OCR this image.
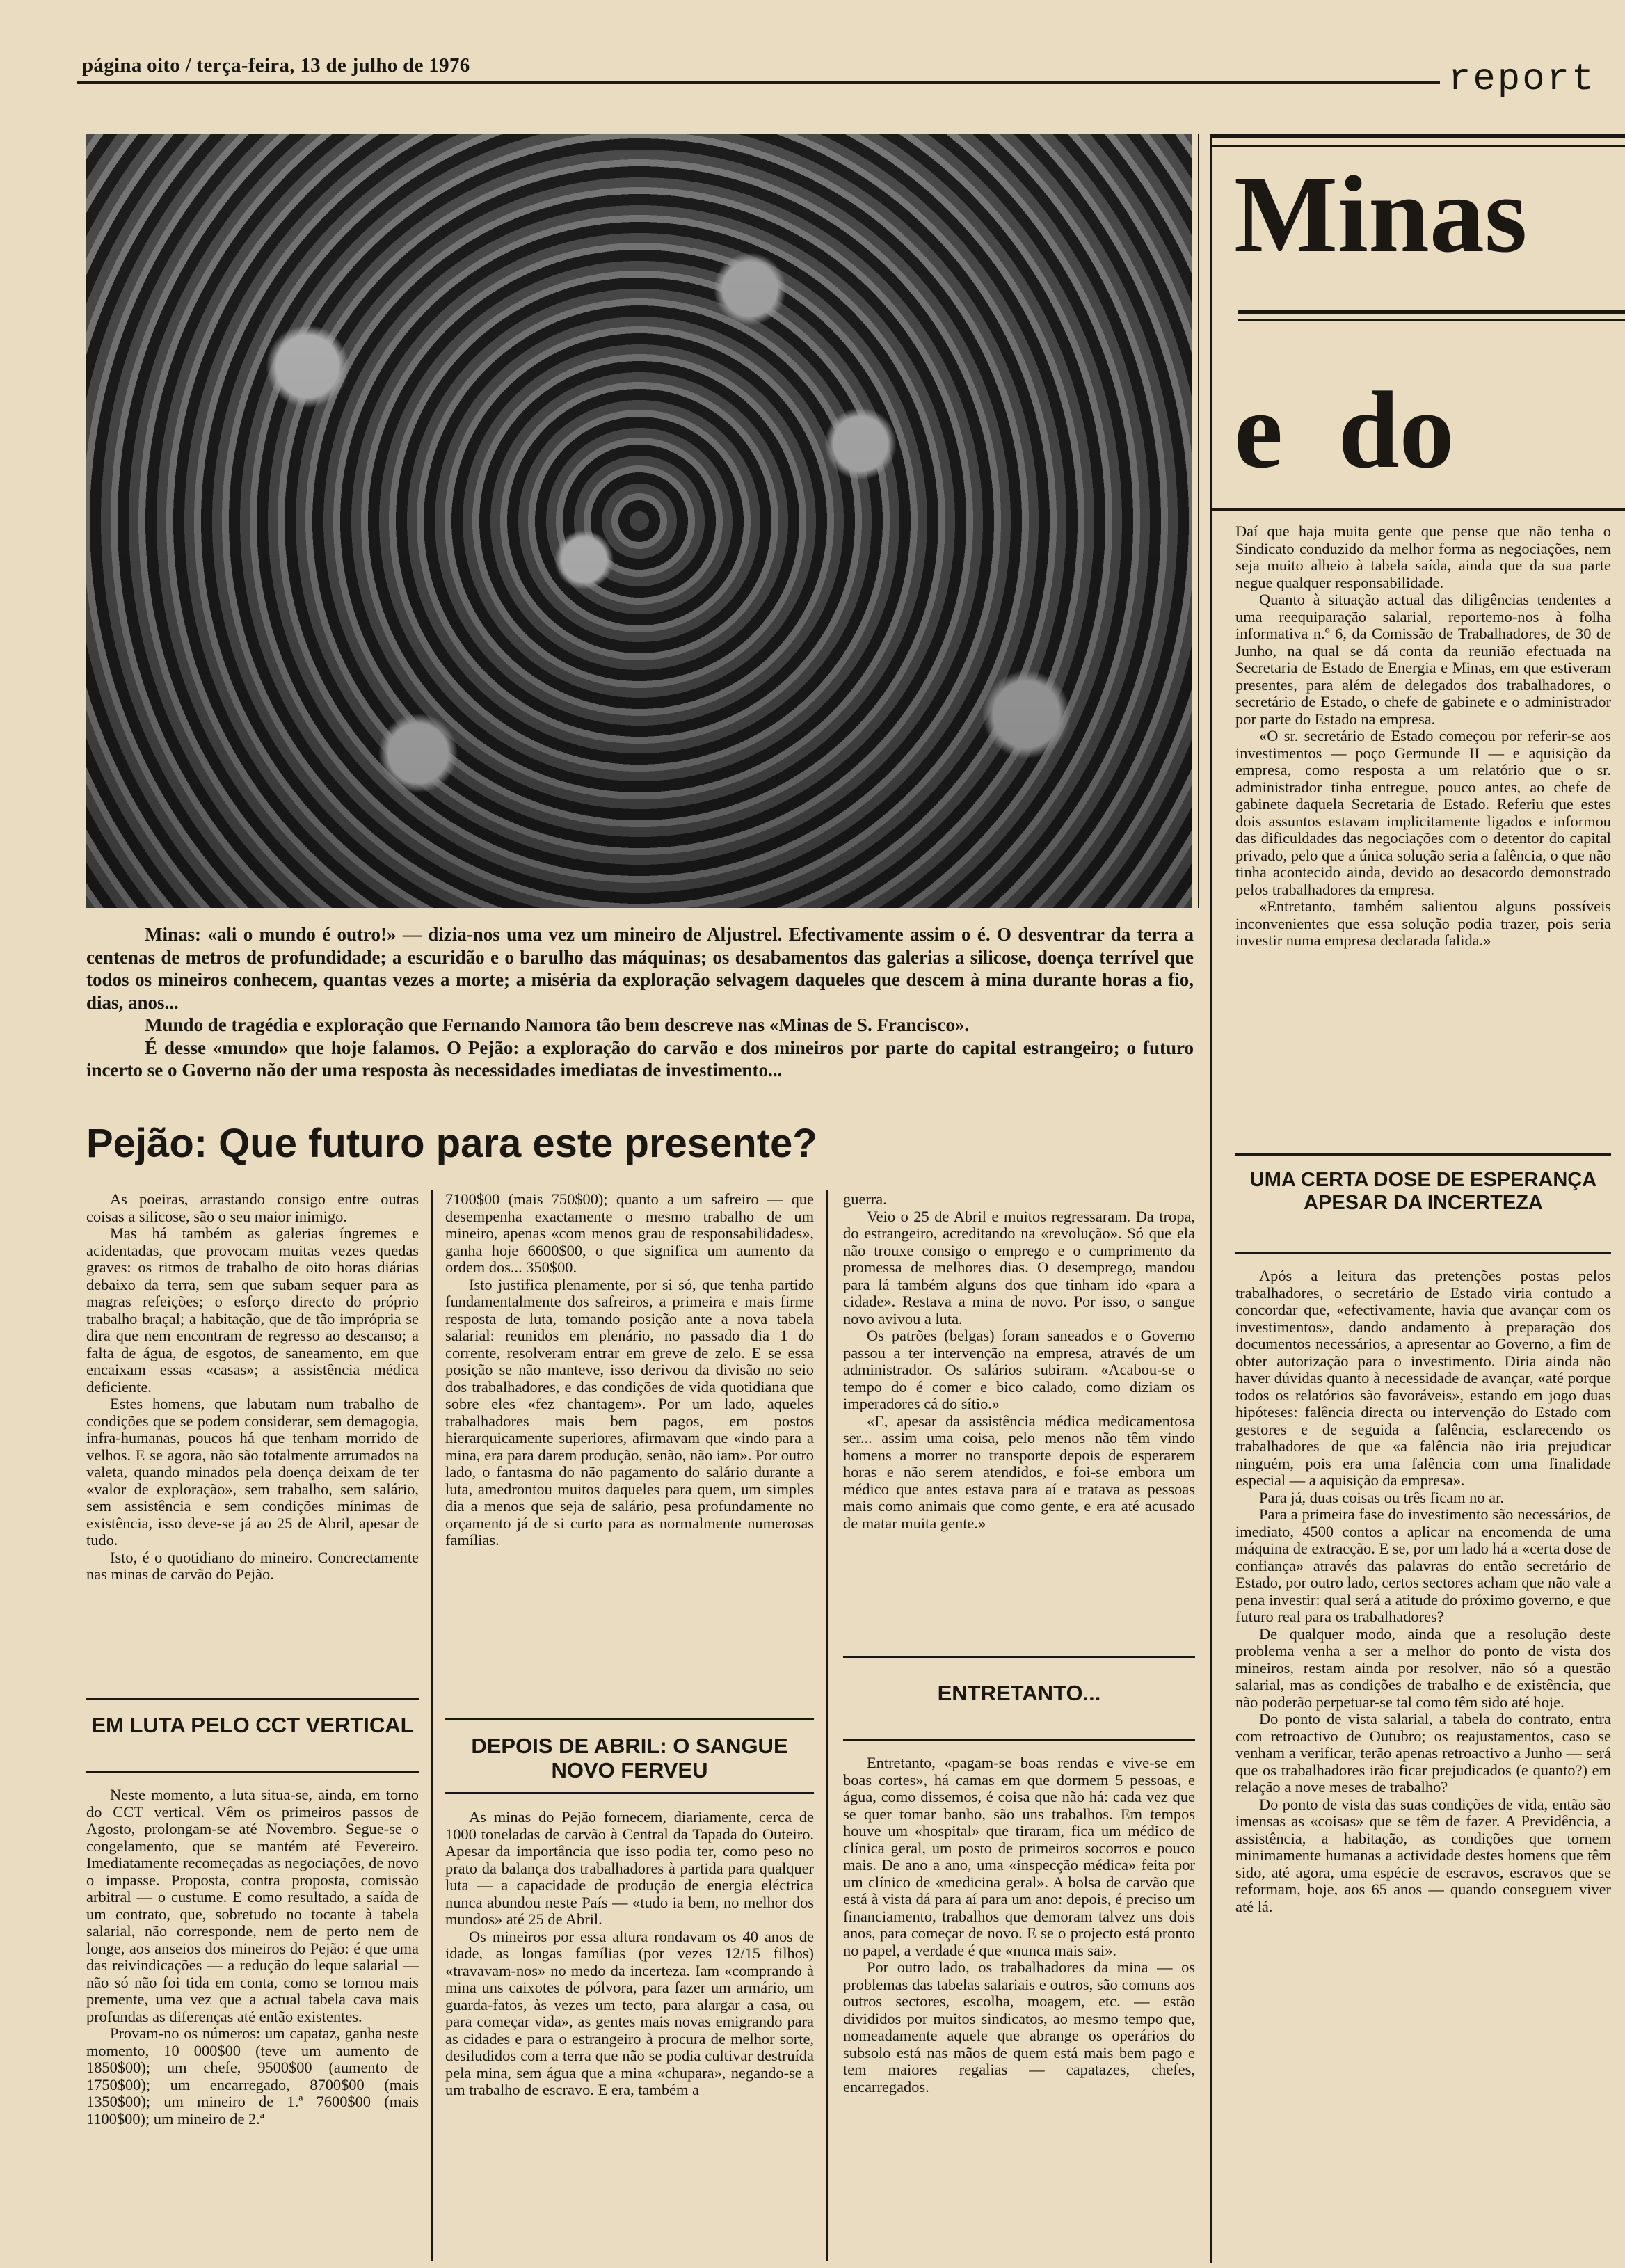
página oito / terça-feira, 13 de julho de 1976	report

Minas: «ali o mundo é outro!» — dizia-nos uma vez um mineiro de Aljustrel. Efectivamente assim o é. O desventrar da terra a centenas de metros de profundidade; a escuridão e o barulho das máquinas; os desabamentos das galerias a silicose, doença terrível que todos os mineiros conhecem, quantas vezes a morte; a miséria da exploração selvagem daqueles que descem à mina durante horas a fio, dias, anos...

Mundo de tragédia e exploração que Fernando Namora tão bem descreve nas «Minas de S. Francisco».

É desse «mundo» que hoje falamos. O Pejão: a exploração do carvão e dos mineiros por parte do capital estrangeiro; o futuro incerto se o Governo não der uma resposta às necessidades imediatas de investimento...

Pejão: Que futuro para este presente?
Minas
e do

As poeiras, arrastando consigo entre outras coisas a silicose, são o seu maior inimigo.

Mas há também as galerias íngremes e acidentadas, que provocam muitas vezes quedas graves: os ritmos de trabalho de oito horas diárias debaixo da terra, sem que subam sequer para as magras refeições; o esforço directo do próprio trabalho braçal; a habitação, que de tão imprópria se dira que nem encontram de regresso ao descanso; a falta de água, de esgotos, de saneamento, em que encaixam essas «casas»; a assistência médica deficiente.

Estes homens, que labutam num trabalho de condições que se podem considerar, sem demagogia, infra-humanas, poucos há que tenham morrido de velhos. E se agora, não são totalmente arrumados na valeta, quando minados pela doença deixam de ter «valor de exploração», sem trabalho, sem salário, sem assistência e sem condições mínimas de existência, isso deve-se já ao 25 de Abril, apesar de tudo.

Isto, é o quotidiano do mineiro. Concrectamente nas minas de carvão do Pejão.

EM LUTA PELO CCT VERTICAL

Neste momento, a luta situa-se, ainda, em torno do CCT vertical. Vêm os primeiros passos de Agosto, prolongam-se até Novembro. Segue-se o congelamento, que se mantém até Fevereiro. Imediatamente recomeçadas as negociações, de novo o impasse. Proposta, contra proposta, comissão arbitral — o custume. E como resultado, a saída de um contrato, que, sobretudo no tocante à tabela salarial, não corresponde, nem de perto nem de longe, aos anseios dos mineiros do Pejão: é que uma das reivindicações — a redução do leque salarial — não só não foi tida em conta, como se tornou mais premente, uma vez que a actual tabela cava mais profundas as diferenças até então existentes.

Provam-no os números: um capataz, ganha neste momento, 10 000$00 (teve um aumento de 1850$00); um chefe, 9500$00 (aumento de 1750$00); um encarregado, 8700$00 (mais 1350$00); um mineiro de 1.ª 7600$00 (mais 1100$00); um mineiro de 2.ª

7100$00 (mais 750$00); quanto a um safreiro — que desempenha exactamente o mesmo trabalho de um mineiro, apenas «com menos grau de responsabilidades», ganha hoje 6600$00, o que significa um aumento da ordem dos... 350$00.

Isto justifica plenamente, por si só, que tenha partido fundamentalmente dos safreiros, a primeira e mais firme resposta de luta, tomando posição ante a nova tabela salarial: reunidos em plenário, no passado dia 1 do corrente, resolveram entrar em greve de zelo. E se essa posição se não manteve, isso derivou da divisão no seio dos trabalhadores, e das condições de vida quotidiana que sobre eles «fez chantagem». Por um lado, aqueles trabalhadores mais bem pagos, em postos hierarquicamente superiores, afirmavam que «indo para a mina, era para darem produção, senão, não iam». Por outro lado, o fantasma do não pagamento do salário durante a luta, amedrontou muitos daqueles para quem, um simples dia a menos que seja de salário, pesa profundamente no orçamento já de si curto para as normalmente numerosas famílias.

DEPOIS DE ABRIL: O SANGUE NOVO FERVEU

As minas do Pejão fornecem, diariamente, cerca de 1000 toneladas de carvão à Central da Tapada do Outeiro. Apesar da importância que isso podia ter, como peso no prato da balança dos trabalhadores à partida para qualquer luta — a capacidade de produção de energia eléctrica nunca abundou neste País — «tudo ia bem, no melhor dos mundos» até 25 de Abril.

Os mineiros por essa altura rondavam os 40 anos de idade, as longas famílias (por vezes 12/15 filhos) «travavam-nos» no medo da incerteza. Iam «comprando à mina uns caixotes de pólvora, para fazer um armário, um guarda-fatos, às vezes um tecto, para alargar a casa, ou para começar vida», as gentes mais novas emigrando para as cidades e para o estrangeiro à procura de melhor sorte, desiludidos com a terra que não se podia cultivar destruída pela mina, sem água que a mina «chupara», negando-se a um trabalho de escravo. E era, também a

guerra.

Veio o 25 de Abril e muitos regressaram. Da tropa, do estrangeiro, acreditando na «revolução». Só que ela não trouxe consigo o emprego e o cumprimento da promessa de melhores dias. O desemprego, mandou para lá também alguns dos que tinham ido «para a cidade». Restava a mina de novo. Por isso, o sangue novo avivou a luta.

Os patrões (belgas) foram saneados e o Governo passou a ter intervenção na empresa, através de um administrador. Os salários subiram. «Acabou-se o tempo do é comer e bico calado, como diziam os imperadores cá do sítio.»

«E, apesar da assistência médica medicamentosa ser... assim uma coisa, pelo menos não têm vindo homens a morrer no transporte depois de esperarem horas e não serem atendidos, e foi-se embora um médico que antes estava para aí e tratava as pessoas mais como animais que como gente, e era até acusado de matar muita gente.»

ENTRETANTO...

Entretanto, «pagam-se boas rendas e vive-se em boas cortes», há camas em que dormem 5 pessoas, e água, como dissemos, é coisa que não há: cada vez que se quer tomar banho, são uns trabalhos. Em tempos houve um «hospital» que tiraram, fica um médico de clínica geral, um posto de primeiros socorros e pouco mais. De ano a ano, uma «inspecção médica» feita por um clínico de «medicina geral». A bolsa de carvão que está à vista dá para aí para um ano: depois, é preciso um financiamento, trabalhos que demoram talvez uns dois anos, para começar de novo. E se o projecto está pronto no papel, a verdade é que «nunca mais sai».

Por outro lado, os trabalhadores da mina — os problemas das tabelas salariais e outros, são comuns aos outros sectores, escolha, moagem, etc. — estão divididos por muitos sindicatos, ao mesmo tempo que, nomeadamente aquele que abrange os operários do subsolo está nas mãos de quem está mais bem pago e tem maiores regalias — capatazes, chefes, encarregados.

Daí que haja muita gente que pense que não tenha o Sindicato conduzido da melhor forma as negociações, nem seja muito alheio à tabela saída, ainda que da sua parte negue qualquer responsabilidade.

Quanto à situação actual das diligências tendentes a uma reequiparação salarial, reportemo-nos à folha informativa n.º 6, da Comissão de Trabalhadores, de 30 de Junho, na qual se dá conta da reunião efectuada na Secretaria de Estado de Energia e Minas, em que estiveram presentes, para além de delegados dos trabalhadores, o secretário de Estado, o chefe de gabinete e o administrador por parte do Estado na empresa.

«O sr. secretário de Estado começou por referir-se aos investimentos — poço Germunde II — e aquisição da empresa, como resposta a um relatório que o sr. administrador tinha entregue, pouco antes, ao chefe de gabinete daquela Secretaria de Estado. Referiu que estes dois assuntos estavam implicitamente ligados e informou das dificuldades das negociações com o detentor do capital privado, pelo que a única solução seria a falência, o que não tinha acontecido ainda, devido ao desacordo demonstrado pelos trabalhadores da empresa.

«Entretanto, também salientou alguns possíveis inconvenientes que essa solução podia trazer, pois seria investir numa empresa declarada falida.»

UMA CERTA DOSE DE ESPERANÇA APESAR DA INCERTEZA

Após a leitura das pretenções postas pelos trabalhadores, o secretário de Estado viria contudo a concordar que, «efectivamente, havia que avançar com os investimentos», dando andamento à preparação dos documentos necessários, a apresentar ao Governo, a fim de obter autorização para o investimento. Diria ainda não haver dúvidas quanto à necessidade de avançar, «até porque todos os relatórios são favoráveis», estando em jogo duas hipóteses: falência directa ou intervenção do Estado com gestores e de seguida a falência, esclarecendo os trabalhadores de que «a falência não iria prejudicar ninguém, pois era uma falência com uma finalidade especial — a aquisição da empresa».

Para já, duas coisas ou três ficam no ar.

Para a primeira fase do investimento são necessários, de imediato, 4500 contos a aplicar na encomenda de uma máquina de extracção. E se, por um lado há a «certa dose de confiança» através das palavras do então secretário de Estado, por outro lado, certos sectores acham que não vale a pena investir: qual será a atitude do próximo governo, e que futuro real para os trabalhadores?

De qualquer modo, ainda que a resolução deste problema venha a ser a melhor do ponto de vista dos mineiros, restam ainda por resolver, não só a questão salarial, mas as condições de trabalho e de existência, que não poderão perpetuar-se tal como têm sido até hoje.

Do ponto de vista salarial, a tabela do contrato, entra com retroactivo de Outubro; os reajustamentos, caso se venham a verificar, terão apenas retroactivo a Junho — será que os trabalhadores irão ficar prejudicados (e quanto?) em relação a nove meses de trabalho?

Do ponto de vista das suas condições de vida, então são imensas as «coisas» que se têm de fazer. A Previdência, a assistência, a habitação, as condições que tornem minimamente humanas a actividade destes homens que têm sido, até agora, uma espécie de escravos, escravos que se reformam, hoje, aos 65 anos — quando conseguem viver até lá.
